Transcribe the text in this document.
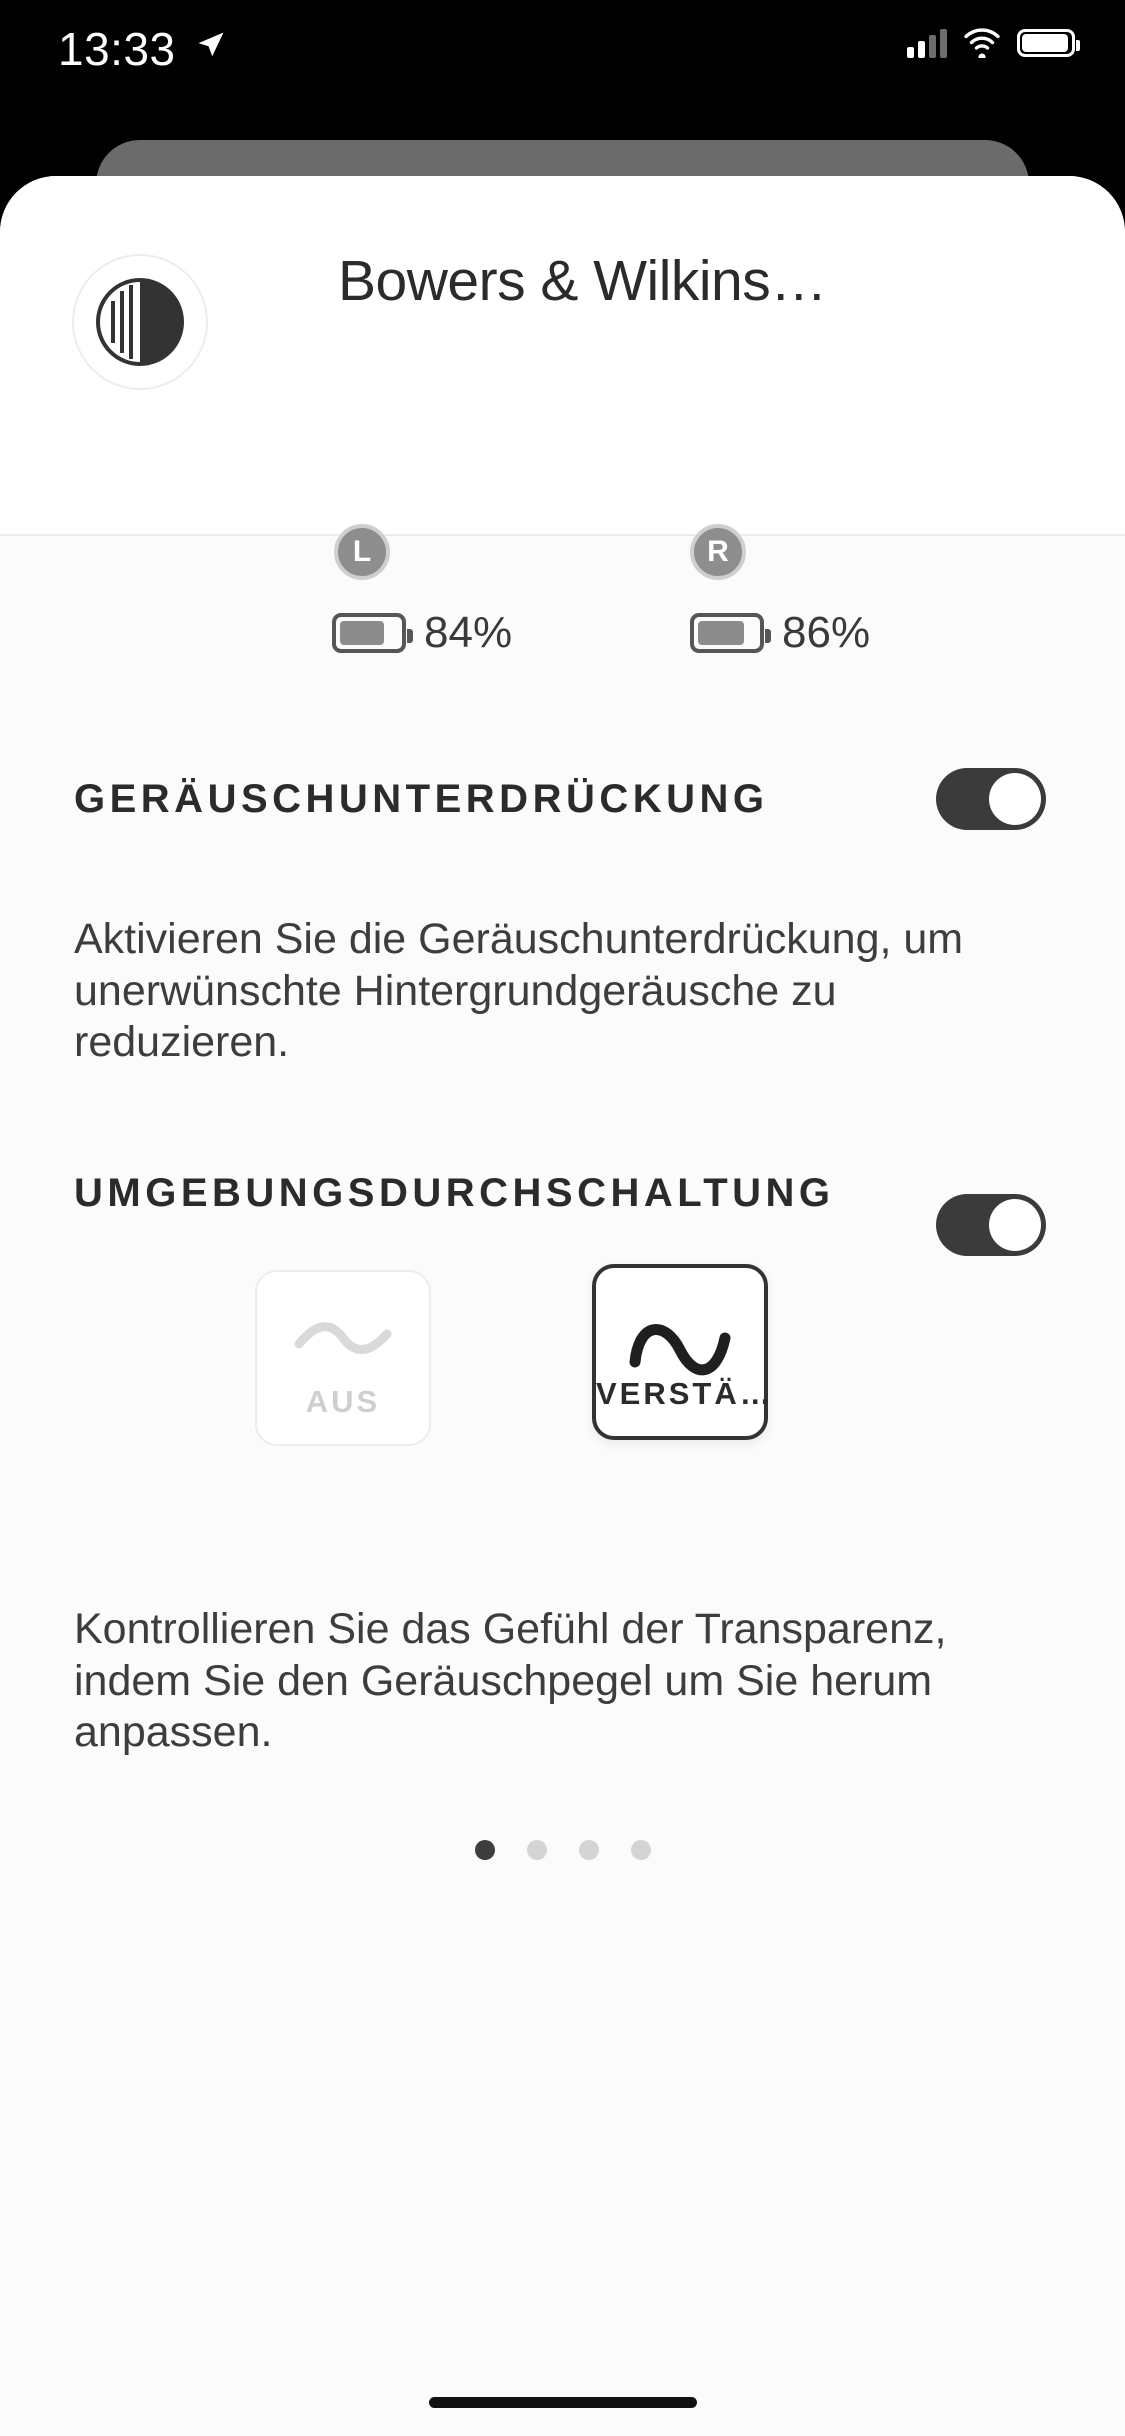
13:33
Bowers & Wilkins…
L	R
84%	86%
GERÄUSCHUNTERDRÜCKUNG
Aktivieren Sie die Geräuschunterdrückung, um unerwünschte Hintergrundgeräusche zu reduzieren.
UMGEBUNGSDURCHSCHALTUNG
Kontrollieren Sie das Gefühl der Transparenz, indem Sie den Geräuschpegel um Sie herum anpassen.
AUS	VERSTÄ…
